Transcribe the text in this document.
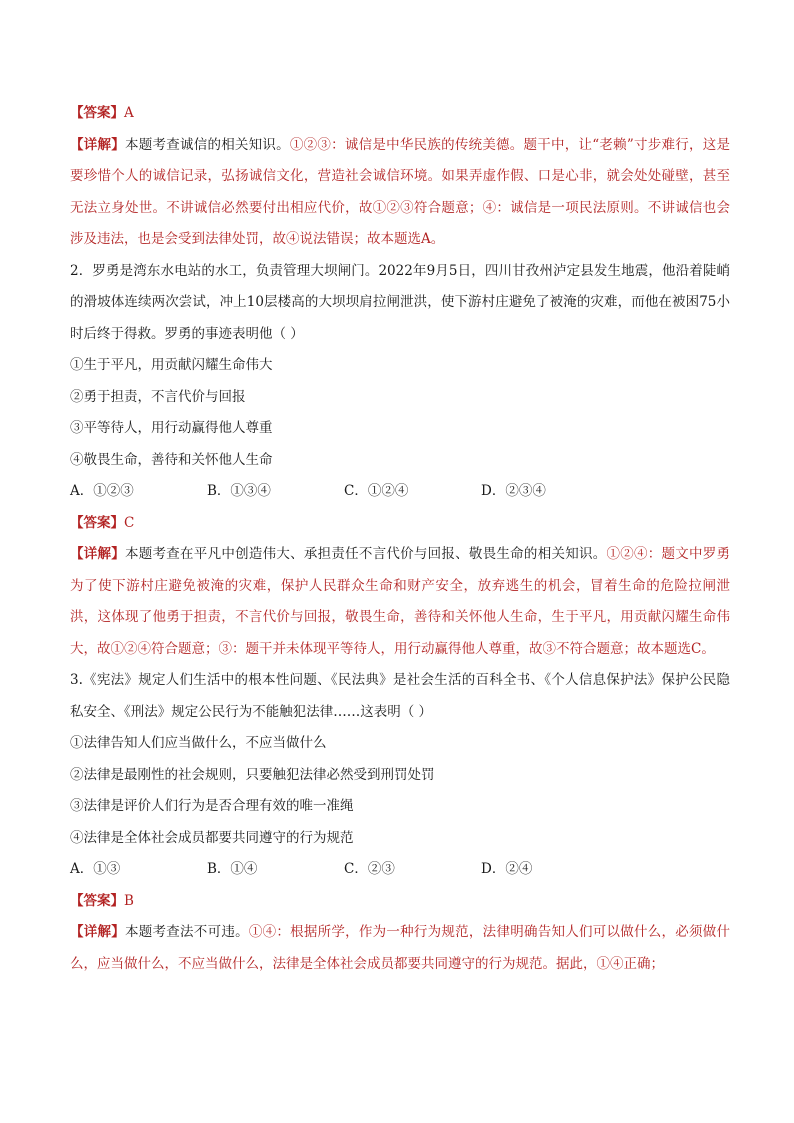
【答案】A

【详解】本题考查诚信的相关知识。①②③：诚信是中华民族的传统美德。题干中，让“老赖”寸步难行，这是要珍惜个人的诚信记录，弘扬诚信文化，营造社会诚信环境。如果弄虚作假、口是心非，就会处处碰壁，甚至无法立身处世。不讲诚信必然要付出相应代价，故①②③符合题意；④：诚信是一项民法原则。不讲诚信也会涉及违法，也是会受到法律处罚，故④说法错误；故本题选A。

2．罗勇是湾东水电站的水工，负责管理大坝闸门。2022年9月5日，四川甘孜州泸定县发生地震，他沿着陡峭的滑坡体连续两次尝试，冲上10层楼高的大坝坝肩拉闸泄洪，使下游村庄避免了被淹的灾难，而他在被困75小时后终于得救。罗勇的事迹表明他（ ）

①生于平凡，用贡献闪耀生命伟大

②勇于担责，不言代价与回报

③平等待人，用行动赢得他人尊重

④敬畏生命，善待和关怀他人生命

A．①②③	B．①③④	C．①②④	D．②③④

【答案】C

【详解】本题考查在平凡中创造伟大、承担责任不言代价与回报、敬畏生命的相关知识。①②④：题文中罗勇为了使下游村庄避免被淹的灾难，保护人民群众生命和财产安全，放弃逃生的机会，冒着生命的危险拉闸泄洪，这体现了他勇于担责，不言代价与回报，敬畏生命，善待和关怀他人生命，生于平凡，用贡献闪耀生命伟大，故①②④符合题意；③：题干并未体现平等待人，用行动赢得他人尊重，故③不符合题意；故本题选C。

3.《宪法》规定人们生活中的根本性问题、《民法典》是社会生活的百科全书、《个人信息保护法》保护公民隐私安全、《刑法》规定公民行为不能触犯法律……这表明（ ）

①法律告知人们应当做什么，不应当做什么

②法律是最刚性的社会规则，只要触犯法律必然受到刑罚处罚

③法律是评价人们行为是否合理有效的唯一准绳

④法律是全体社会成员都要共同遵守的行为规范

A．①③	B．①④	C．②③	D．②④

【答案】B

【详解】本题考查法不可违。①④：根据所学，作为一种行为规范，法律明确告知人们可以做什么，必须做什么，应当做什么，不应当做什么，法律是全体社会成员都要共同遵守的行为规范。据此，①④正确；
